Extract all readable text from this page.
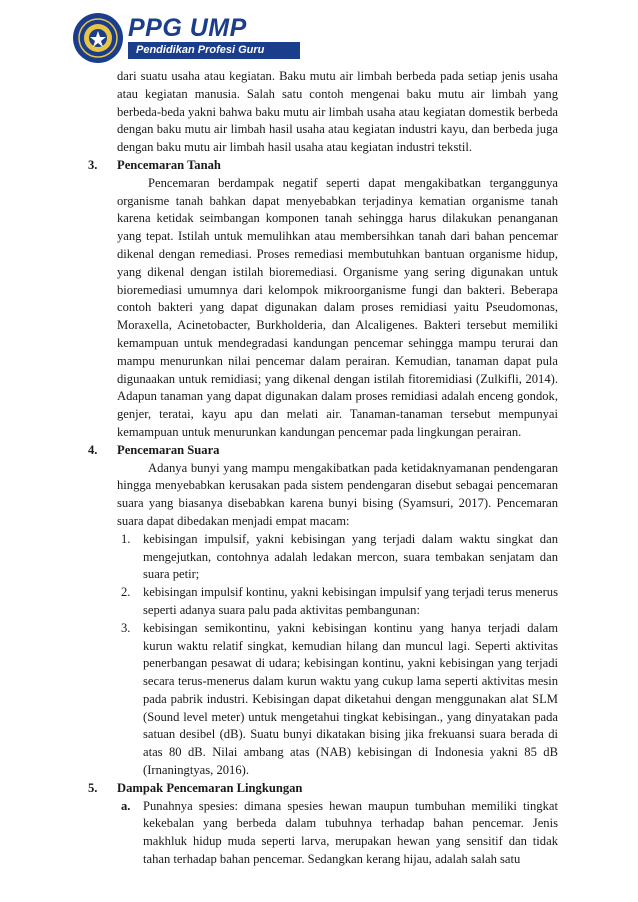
PPG UMP
Pendidikan Profesi Guru

dari suatu usaha atau kegiatan. Baku mutu air limbah berbeda pada setiap jenis usaha atau kegiatan manusia. Salah satu contoh mengenai baku mutu air limbah yang berbeda-beda yakni bahwa baku mutu air limbah usaha atau kegiatan domestik berbeda dengan baku mutu air limbah hasil usaha atau kegiatan industri kayu, dan berbeda juga dengan baku mutu air limbah hasil usaha atau kegiatan industri tekstil.

3.	Pencemaran Tanah

Pencemaran berdampak negatif seperti dapat mengakibatkan terganggunya organisme tanah bahkan dapat menyebabkan terjadinya kematian organisme tanah karena ketidak seimbangan komponen tanah sehingga harus dilakukan penanganan yang tepat. Istilah untuk memulihkan atau membersihkan tanah dari bahan pencemar dikenal dengan remediasi. Proses remediasi membutuhkan bantuan organisme hidup, yang dikenal dengan istilah bioremediasi. Organisme yang sering digunakan untuk bioremediasi umumnya dari kelompok mikroorganisme fungi dan bakteri. Beberapa contoh bakteri yang dapat digunakan dalam proses remidiasi yaitu Pseudomonas, Moraxella, Acinetobacter, Burkholderia, dan Alcaligenes. Bakteri tersebut memiliki kemampuan untuk mendegradasi kandungan pencemar sehingga mampu terurai dan mampu menurunkan nilai pencemar dalam perairan. Kemudian, tanaman dapat pula digunaakan untuk remidiasi; yang dikenal dengan istilah fitoremidiasi (Zulkifli, 2014). Adapun tanaman yang dapat digunakan dalam proses remidiasi adalah enceng gondok, genjer, teratai, kayu apu dan melati air. Tanaman-tanaman tersebut mempunyai kemampuan untuk menurunkan kandungan pencemar pada lingkungan perairan.

4.	Pencemaran Suara

Adanya bunyi yang mampu mengakibatkan pada ketidaknyamanan pendengaran hingga menyebabkan kerusakan pada sistem pendengaran disebut sebagai pencemaran suara yang biasanya disebabkan karena bunyi bising (Syamsuri, 2017). Pencemaran suara dapat dibedakan menjadi empat macam:

1. kebisingan impulsif, yakni kebisingan yang terjadi dalam waktu singkat dan mengejutkan, contohnya adalah ledakan mercon, suara tembakan senjatam dan suara petir;
2. kebisingan impulsif kontinu, yakni kebisingan impulsif yang terjadi terus menerus seperti adanya suara palu pada aktivitas pembangunan:
3. kebisingan semikontinu, yakni kebisingan kontinu yang hanya terjadi dalam kurun waktu relatif singkat, kemudian hilang dan muncul lagi. Seperti aktivitas penerbangan pesawat di udara; kebisingan kontinu, yakni kebisingan yang terjadi secara terus-menerus dalam kurun waktu yang cukup lama seperti aktivitas mesin pada pabrik industri. Kebisingan dapat diketahui dengan menggunakan alat SLM (Sound level meter) untuk mengetahui tingkat kebisingan., yang dinyatakan pada satuan desibel (dB). Suatu bunyi dikatakan bising jika frekuansi suara berada di atas 80 dB. Nilai ambang atas (NAB) kebisingan di Indonesia yakni 85 dB (Irnaningtyas, 2016).
5.	Dampak Pencemaran Lingkungan
a. Punahnya spesies: dimana spesies hewan maupun tumbuhan memiliki tingkat kekebalan yang berbeda dalam tubuhnya terhadap bahan pencemar. Jenis makhluk hidup muda seperti larva, merupakan hewan yang sensitif dan tidak tahan terhadap bahan pencemar. Sedangkan kerang hijau, adalah salah satu
